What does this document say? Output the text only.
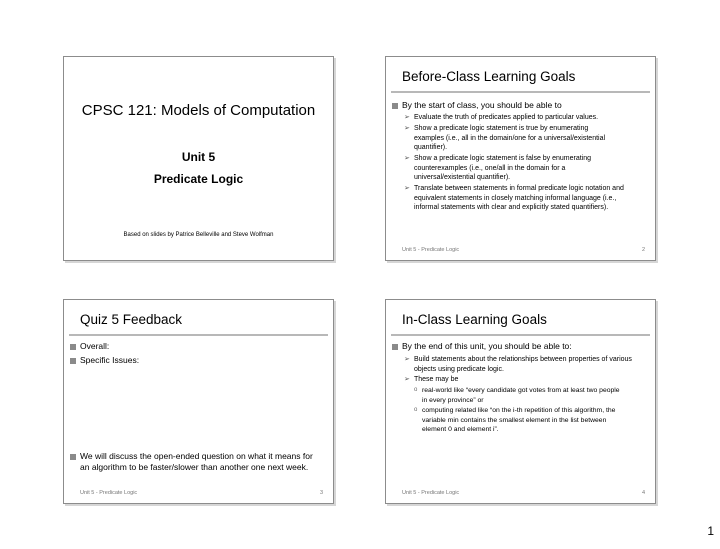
CPSC 121: Models of Computation
Unit 5
Predicate Logic
Based on slides by Patrice Belleville and Steve Wolfman
Before-Class Learning Goals
By the start of class, you should be able to
➢ Evaluate the truth of predicates applied to particular values.
➢ Show a predicate logic statement is true by enumerating examples (i.e., all in the domain/one for a universal/existential quantifier).
➢ Show a predicate logic statement is false by enumerating counterexamples (i.e., one/all in the domain for a universal/existential quantifier).
➢ Translate between statements in formal predicate logic notation and equivalent statements in closely matching informal language (i.e., informal statements with clear and explicitly stated quantifiers).
Unit 5 - Predicate Logic	2
Quiz 5 Feedback
Overall:
Specific Issues:
We will discuss the open-ended question on what it means for an algorithm to be faster/slower than another one next week.
Unit 5 - Predicate Logic	3
In-Class Learning Goals
By the end of this unit, you should be able to:
➢ Build statements about the relationships between properties of various objects using predicate logic.
➢ These may be
o real-world like “every candidate got votes from at least two people in every province” or
o computing related like “on the i-th repetition of this algorithm, the variable min contains the smallest element in the list between element 0 and element i”.
Unit 5 - Predicate Logic	4
1
